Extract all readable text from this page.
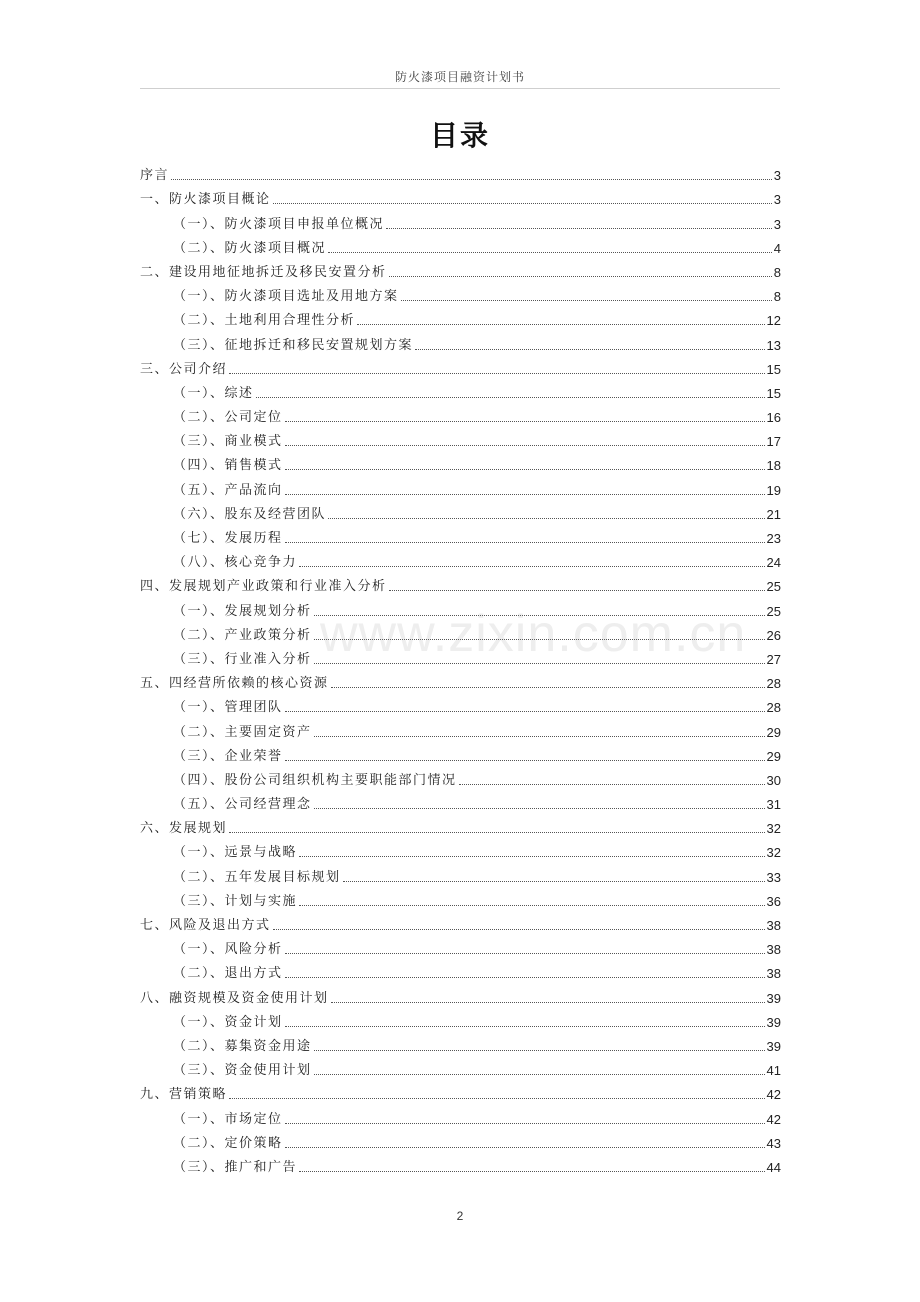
防火漆项目融资计划书
目录
序言	3
一、防火漆项目概论	3
（一）、防火漆项目申报单位概况	3
（二）、防火漆项目概况	4
二、建设用地征地拆迁及移民安置分析	8
（一）、防火漆项目选址及用地方案	8
（二）、土地利用合理性分析	12
（三）、征地拆迁和移民安置规划方案	13
三、公司介绍	15
（一）、综述	15
（二）、公司定位	16
（三）、商业模式	17
（四）、销售模式	18
（五）、产品流向	19
（六）、股东及经营团队	21
（七）、发展历程	23
（八）、核心竞争力	24
四、发展规划产业政策和行业准入分析	25
（一）、发展规划分析	25
（二）、产业政策分析	26
（三）、行业准入分析	27
五、四经营所依赖的核心资源	28
（一）、管理团队	28
（二）、主要固定资产	29
（三）、企业荣誉	29
（四）、股份公司组织机构主要职能部门情况	30
（五）、公司经营理念	31
六、发展规划	32
（一）、远景与战略	32
（二）、五年发展目标规划	33
（三）、计划与实施	36
七、风险及退出方式	38
（一）、风险分析	38
（二）、退出方式	38
八、融资规模及资金使用计划	39
（一）、资金计划	39
（二）、募集资金用途	39
（三）、资金使用计划	41
九、营销策略	42
（一）、市场定位	42
（二）、定价策略	43
（三）、推广和广告	44
www.zixin.com.cn
2
